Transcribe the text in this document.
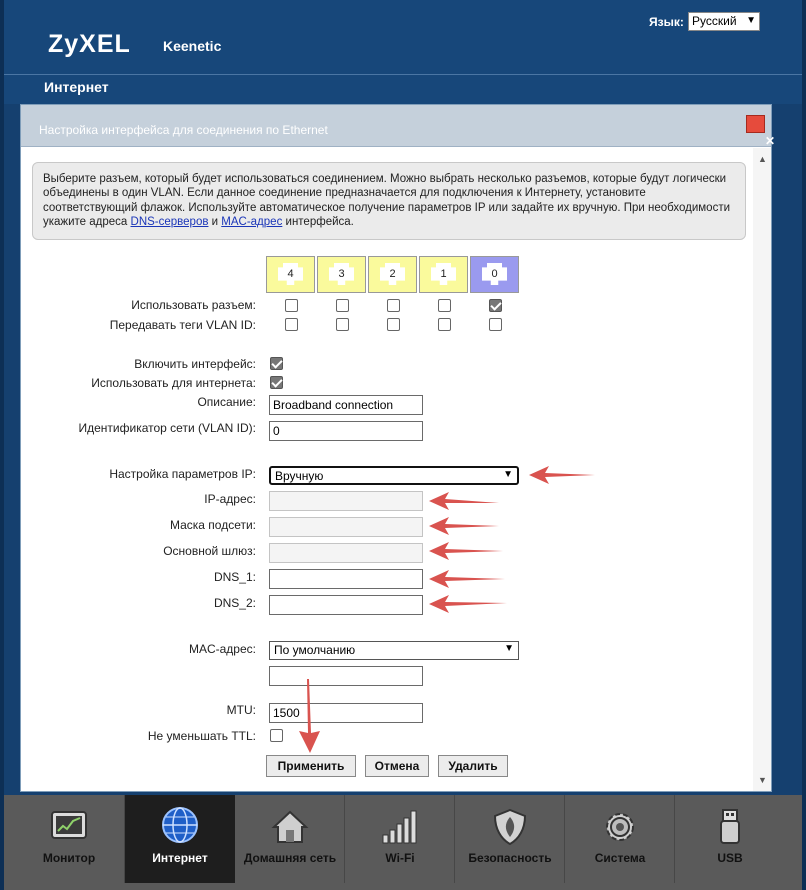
ZyXEL Keenetic
Язык: Русский ▼
Интернет
Настройка интерфейса для соединения по Ethernet
✕
▲
▼
Выберите разъем, который будет использоваться соединением. Можно выбрать несколько разъемов, которые будут логически объединены в один VLAN. Если данное соединение предназначается для подключения к Интернету, установите соответствующий флажок. Используйте автоматическое получение параметров IP или задайте их вручную. При необходимости укажите адреса DNS-серверов и MAC-адрес интерфейса.
4	3	2	1	0
Использовать разъем:
Передавать теги VLAN ID:
Включить интерфейс:
Использовать для интернета:
Описание:	Broadband connection
Идентификатор сети (VLAN ID):	0
Настройка параметров IP:	Вручную	▼
IP-адрес:
Маска подсети:
Основной шлюз:
DNS_1:
DNS_2:
MAC-адрес:	По умолчанию	▼
MTU:	1500
Не уменьшать TTL:
Применить	Отмена	Удалить
Монитор	Интернет	Домашняя сеть	Wi-Fi	Безопасность	Система	USB
